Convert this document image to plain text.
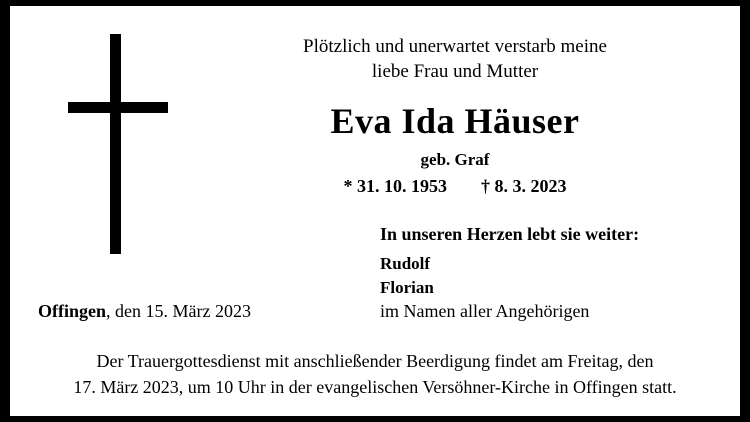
Plötzlich und unerwartet verstarb meine
liebe Frau und Mutter
Eva Ida Häuser
geb. Graf
* 31. 10. 1953 † 8. 3. 2023
In unseren Herzen lebt sie weiter:
Rudolf
Florian
im Namen aller Angehörigen
Offingen, den 15. März 2023
Der Trauergottesdienst mit anschließender Beerdigung findet am Freitag, den
17. März 2023, um 10 Uhr in der evangelischen Versöhner-Kirche in Offingen statt.
